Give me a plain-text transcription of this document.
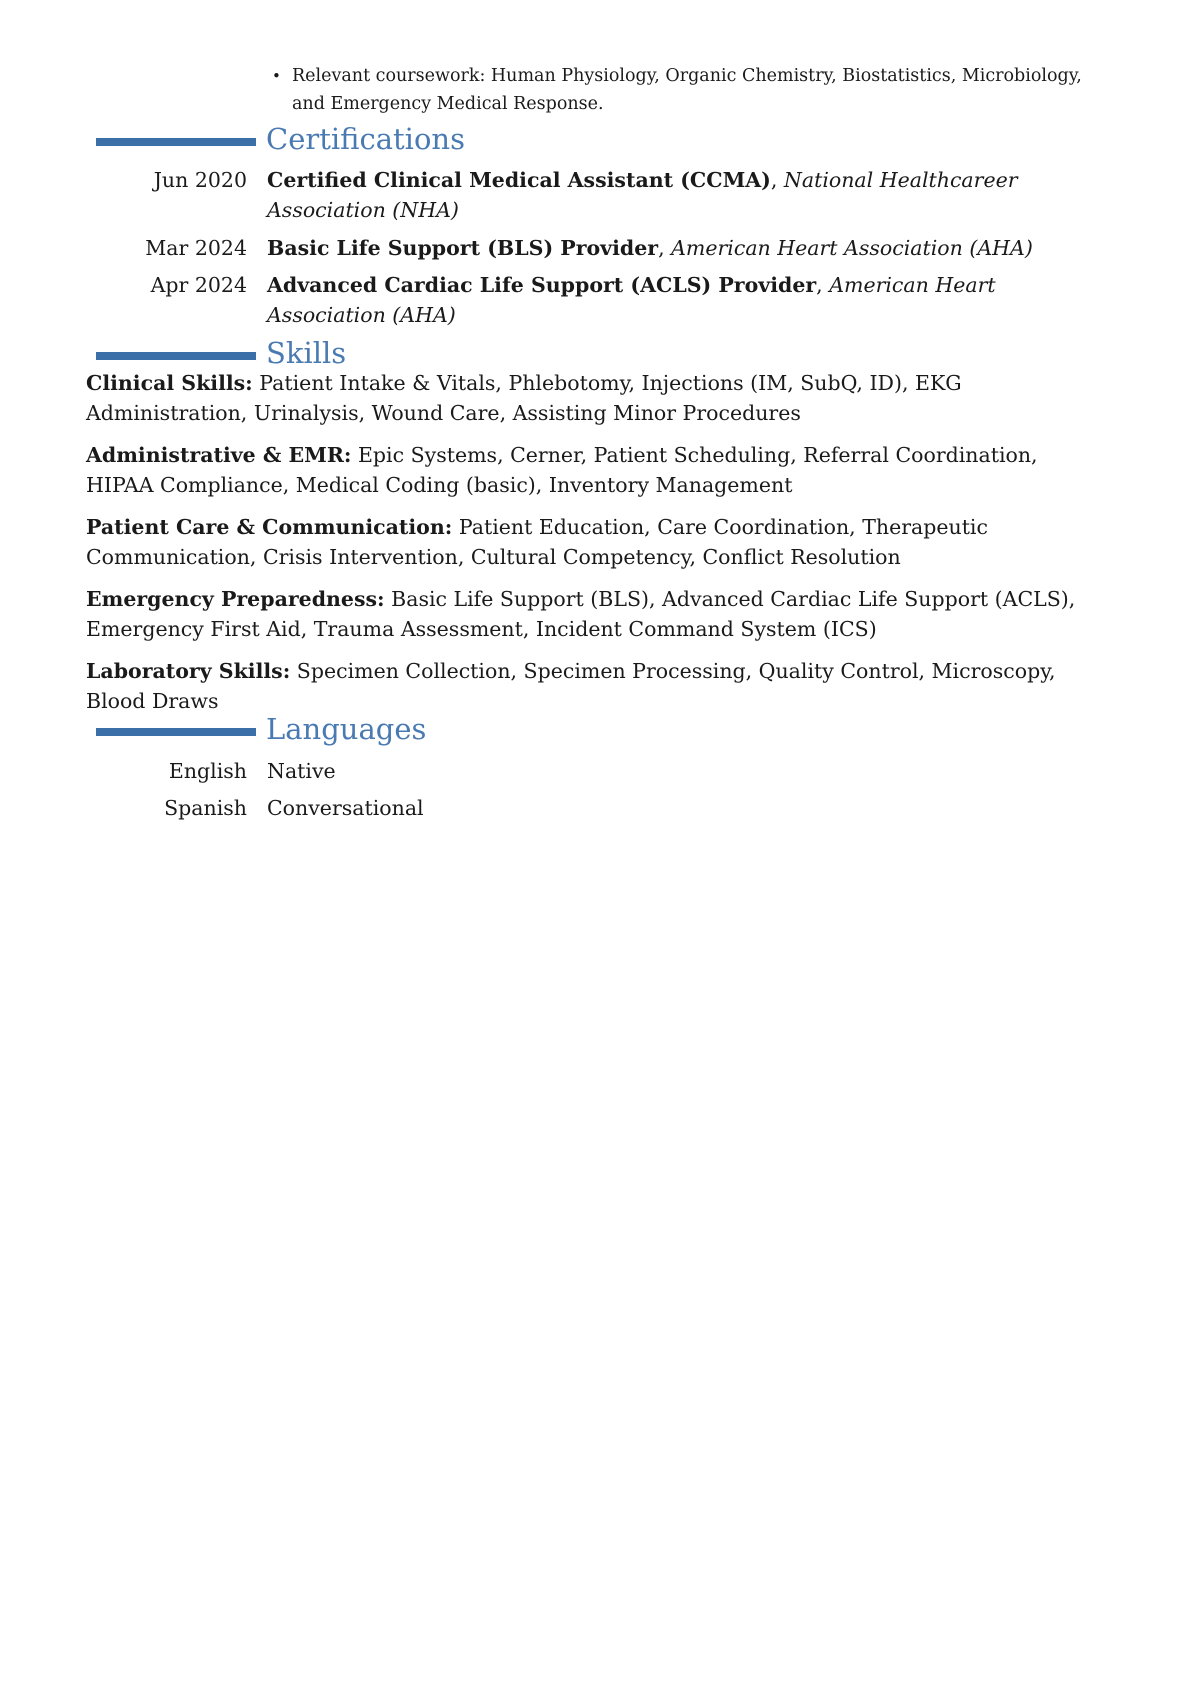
• Relevant coursework: Human Physiology, Organic Chemistry, Biostatistics, Microbiology, and Emergency Medical Response.
Certifications
Jun 2020 Certified Clinical Medical Assistant (CCMA), National Healthcareer Association (NHA)
Mar 2024 Basic Life Support (BLS) Provider, American Heart Association (AHA)
Apr 2024 Advanced Cardiac Life Support (ACLS) Provider, American Heart Association (AHA)
Skills
Clinical Skills: Patient Intake & Vitals, Phlebotomy, Injections (IM, SubQ, ID), EKG Administration, Urinalysis, Wound Care, Assisting Minor Procedures
Administrative & EMR: Epic Systems, Cerner, Patient Scheduling, Referral Coordination, HIPAA Compliance, Medical Coding (basic), Inventory Management
Patient Care & Communication: Patient Education, Care Coordination, Therapeutic Communication, Crisis Intervention, Cultural Competency, Conflict Resolution
Emergency Preparedness: Basic Life Support (BLS), Advanced Cardiac Life Support (ACLS), Emergency First Aid, Trauma Assessment, Incident Command System (ICS)
Laboratory Skills: Specimen Collection, Specimen Processing, Quality Control, Microscopy, Blood Draws
Languages
English Native
Spanish Conversational
